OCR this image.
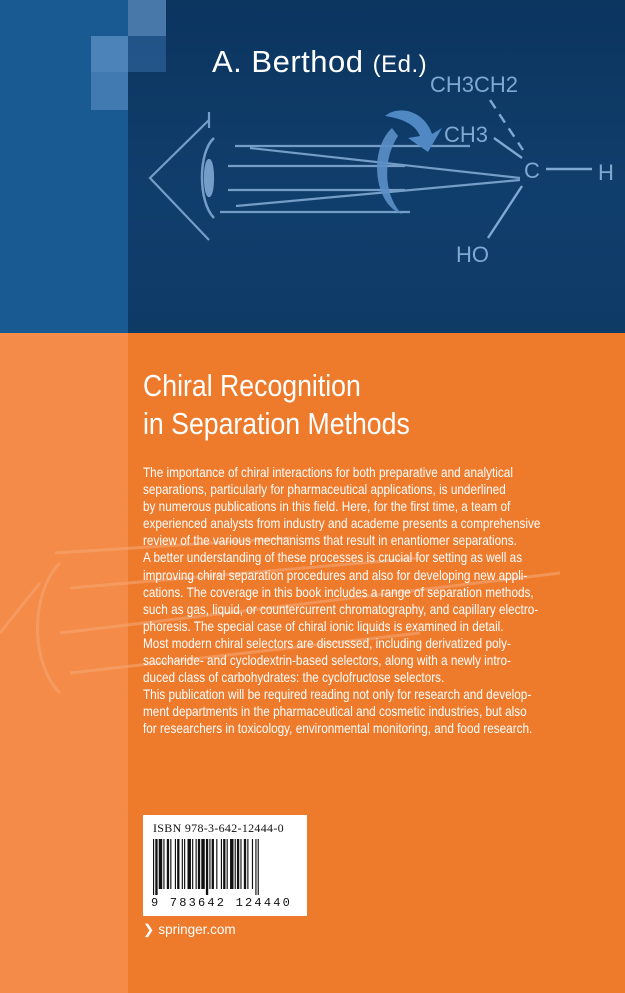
CH3CH2
CH3
C	H
HO
A. Berthod (Ed.)
Chiral Recognition
in Separation Methods
The importance of chiral interactions for both preparative and analytical
separations, particularly for pharmaceutical applications, is underlined
by numerous publications in this field. Here, for the first time, a team of
experienced analysts from industry and academe presents a comprehensive
review of the various mechanisms that result in enantiomer separations.
A better understanding of these processes is crucial for setting as well as
improving chiral separation procedures and also for developing new appli-
cations. The coverage in this book includes a range of separation methods,
such as gas, liquid, or countercurrent chromatography, and capillary electro-
phoresis. The special case of chiral ionic liquids is examined in detail.
Most modern chiral selectors are discussed, including derivatized poly-
saccharide- and cyclodextrin-based selectors, along with a newly intro-
duced class of carbohydrates: the cyclofructose selectors.
This publication will be required reading not only for research and develop-
ment departments in the pharmaceutical and cosmetic industries, but also
for researchers in toxicology, environmental monitoring, and food research.
ISBN 978-3-642-12444-0
9 783642 124440
❯ springer.com
